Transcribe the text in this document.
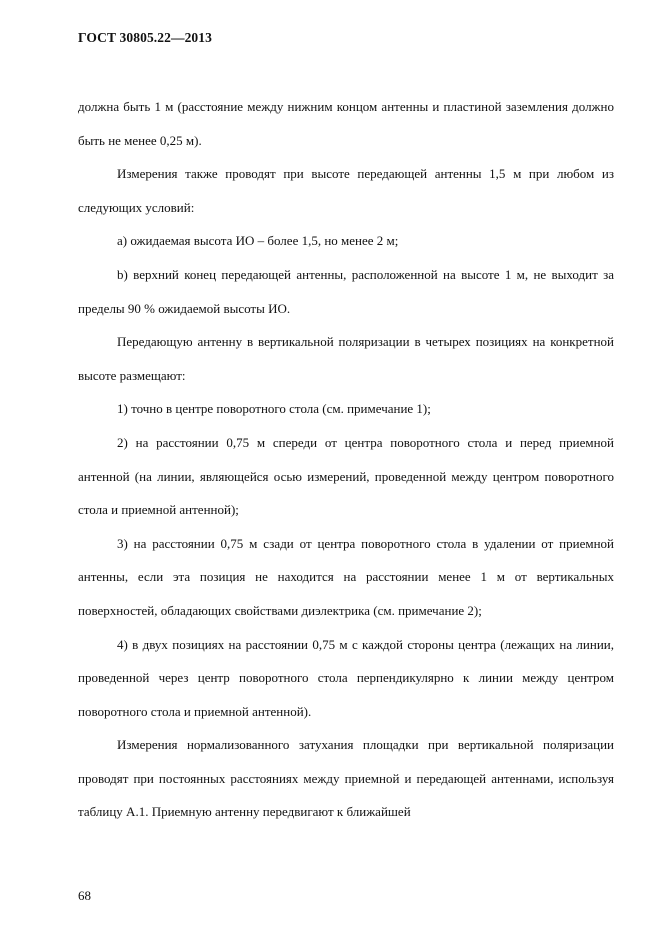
ГОСТ 30805.22—2013

должна быть 1 м (расстояние между нижним концом антенны и пластиной заземления должно быть не менее 0,25 м).

Измерения также проводят при высоте передающей антенны 1,5 м при любом из следующих условий:

а) ожидаемая высота ИО – более 1,5, но менее 2 м;

b) верхний конец передающей антенны, расположенной на высоте 1 м, не выходит за пределы 90 % ожидаемой высоты ИО.

Передающую антенну в вертикальной поляризации в четырех позициях на конкретной высоте размещают:

1) точно в центре поворотного стола (см. примечание 1);

2) на расстоянии 0,75 м спереди от центра поворотного стола и перед приемной антенной (на линии, являющейся осью измерений, проведенной между центром поворотного стола и приемной антенной);

3) на расстоянии 0,75 м сзади от центра поворотного стола в удалении от приемной антенны, если эта позиция не находится на расстоянии менее 1 м от вертикальных поверхностей, обладающих свойствами диэлектрика (см. примечание 2);

4) в двух позициях на расстоянии 0,75 м с каждой стороны центра (лежащих на линии, проведенной через центр поворотного стола перпендикулярно к линии между центром поворотного стола и приемной антенной).

Измерения нормализованного затухания площадки при вертикальной поляризации проводят при постоянных расстояниях между приемной и передающей антеннами, используя таблицу А.1. Приемную антенну передвигают к ближайшей

68
